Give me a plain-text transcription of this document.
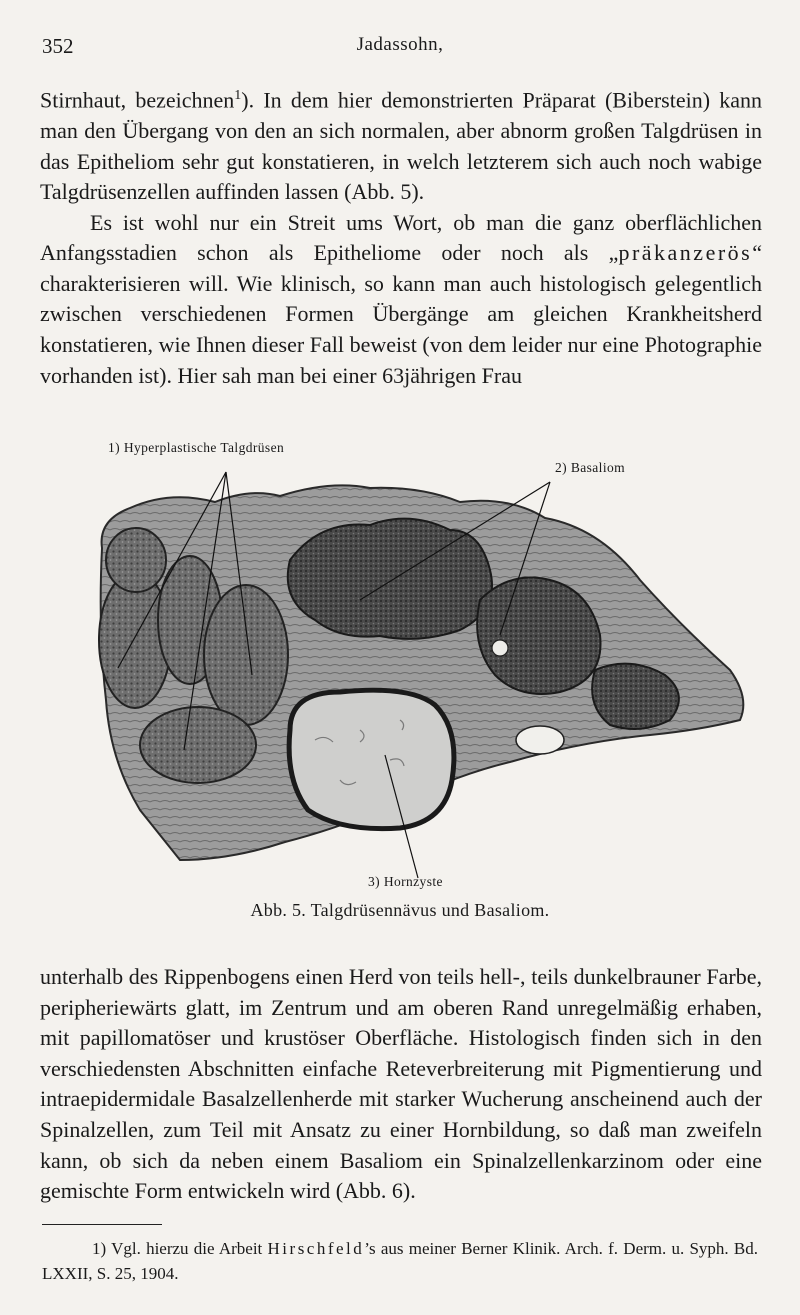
352	Jadassohn,

Stirnhaut, bezeichnen$^1$). In dem hier demonstrierten Präparat (Biberstein) kann man den Übergang von den an sich normalen, aber abnorm großen Talgdrüsen in das Epitheliom sehr gut konstatieren, in welch letzterem sich auch noch wabige Talgdrüsenzellen auffinden lassen (Abb. 5).

Es ist wohl nur ein Streit ums Wort, ob man die ganz oberflächlichen Anfangsstadien schon als Epitheliome oder noch als „präkanzerös“ charakterisieren will. Wie klinisch, so kann man auch histologisch gelegentlich zwischen verschiedenen Formen Übergänge am gleichen Krankheitsherd konstatieren, wie Ihnen dieser Fall beweist (von dem leider nur eine Photographie vorhanden ist). Hier sah man bei einer 63jährigen Frau

1) Hyperplastische Talgdrüsen
2) Basaliom
3) Hornzyste
Abb. 5. Talgdrüsennävus und Basaliom.

unterhalb des Rippenbogens einen Herd von teils hell-, teils dunkelbrauner Farbe, peripheriewärts glatt, im Zentrum und am oberen Rand unregelmäßig erhaben, mit papillomatöser und krustöser Oberfläche. Histologisch finden sich in den verschiedensten Abschnitten einfache Reteverbreiterung mit Pigmentierung und intraepidermidale Basalzellenherde mit starker Wucherung anscheinend auch der Spinalzellen, zum Teil mit Ansatz zu einer Hornbildung, so daß man zweifeln kann, ob sich da neben einem Basaliom ein Spinalzellenkarzinom oder eine gemischte Form entwickeln wird (Abb. 6).

1) Vgl. hierzu die Arbeit Hirschfeld’s aus meiner Berner Klinik. Arch. f. Derm. u. Syph. Bd. LXXII, S. 25, 1904.
